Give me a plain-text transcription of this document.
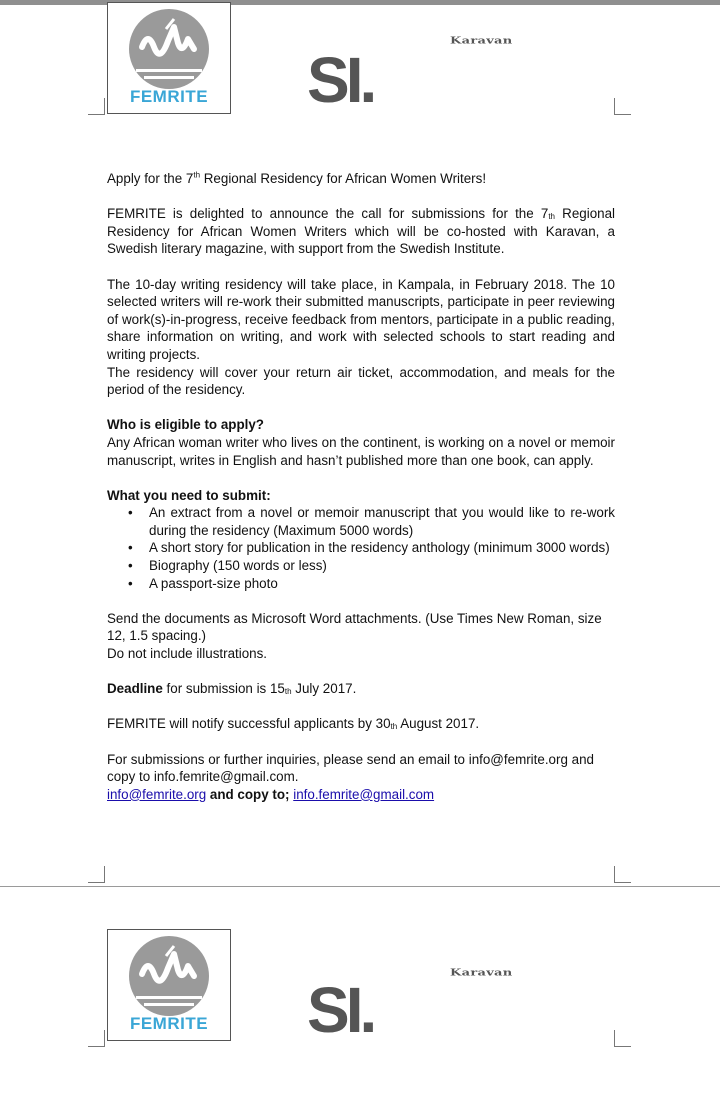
FEMRITE	SI.
Karavan

Apply for the 7th Regional Residency for African Women Writers!

FEMRITE is delighted to announce the call for submissions for the $7_{th}$ Regional Residency for African Women Writers which will be co-hosted with Karavan, a Swedish literary magazine, with support from the Swedish Institute.

The 10-day writing residency will take place, in Kampala, in February 2018. The 10 selected writers will re-work their submitted manuscripts, participate in peer reviewing of work(s)-in-progress, receive feedback from mentors, participate in a public reading, share information on writing, and work with selected schools to start reading and writing projects.

The residency will cover your return air ticket, accommodation, and meals for the period of the residency.

Who is eligible to apply?

Any African woman writer who lives on the continent, is working on a novel or memoir manuscript, writes in English and hasn’t published more than one book, can apply.

What you need to submit:

• An extract from a novel or memoir manuscript that you would like to re-work during the residency (Maximum 5000 words)
• A short story for publication in the residency anthology (minimum 3000 words)
• Biography (150 words or less)
• A passport-size photo

Send the documents as Microsoft Word attachments. (Use Times New Roman, size 12, 1.5 spacing.)

Do not include illustrations.

Deadline for submission is $15_{th}$ July 2017.

FEMRITE will notify successful applicants by $30_{th}$ August 2017.

For submissions or further inquiries, please send an email to info@femrite.org and copy to info.femrite@gmail.com.

info@femrite.org and copy to; info.femrite@gmail.com

FEMRITE	SI.
Karavan
